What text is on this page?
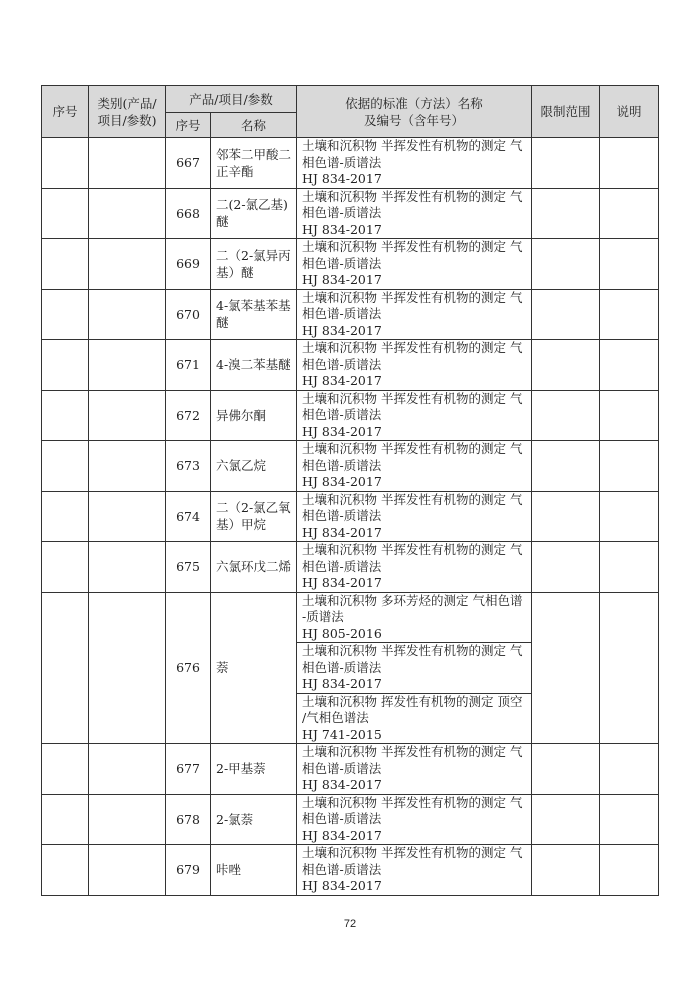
序号	类别(产品/项目/参数)	产品/项目/参数		依据的标准（方法）名称
及编号（含年号）	限制范围	说明
		序号	名称			
		667	邻苯二甲酸二正辛酯	土壤和沉积物 半挥发性有机物的测定 气
相色谱-质谱法
HJ 834-2017		

		668	二(2-氯乙基)醚	土壤和沉积物 半挥发性有机物的测定 气
相色谱-质谱法
HJ 834-2017		

		669	二（2-氯异丙基）醚	土壤和沉积物 半挥发性有机物的测定 气
相色谱-质谱法
HJ 834-2017		

		670	4-氯苯基苯基醚	土壤和沉积物 半挥发性有机物的测定 气
相色谱-质谱法
HJ 834-2017		

		671	4-溴二苯基醚	土壤和沉积物 半挥发性有机物的测定 气
相色谱-质谱法
HJ 834-2017		

		672	异佛尔酮	土壤和沉积物 半挥发性有机物的测定 气
相色谱-质谱法
HJ 834-2017		

		673	六氯乙烷	土壤和沉积物 半挥发性有机物的测定 气
相色谱-质谱法
HJ 834-2017		

		674	二（2-氯乙氧基）甲烷	土壤和沉积物 半挥发性有机物的测定 气
相色谱-质谱法
HJ 834-2017		

		675	六氯环戊二烯	土壤和沉积物 半挥发性有机物的测定 气
相色谱-质谱法
HJ 834-2017		

		676	萘	土壤和沉积物 多环芳烃的测定 气相色谱
-质谱法
HJ 805-2016		

				土壤和沉积物 半挥发性有机物的测定 气
相色谱-质谱法
HJ 834-2017		

				土壤和沉积物 挥发性有机物的测定 顶空
/气相色谱法
HJ 741-2015		

		677	2-甲基萘	土壤和沉积物 半挥发性有机物的测定 气
相色谱-质谱法
HJ 834-2017		

		678	2-氯萘	土壤和沉积物 半挥发性有机物的测定 气
相色谱-质谱法
HJ 834-2017		

		679	咔唑	土壤和沉积物 半挥发性有机物的测定 气
相色谱-质谱法
HJ 834-2017		

72
